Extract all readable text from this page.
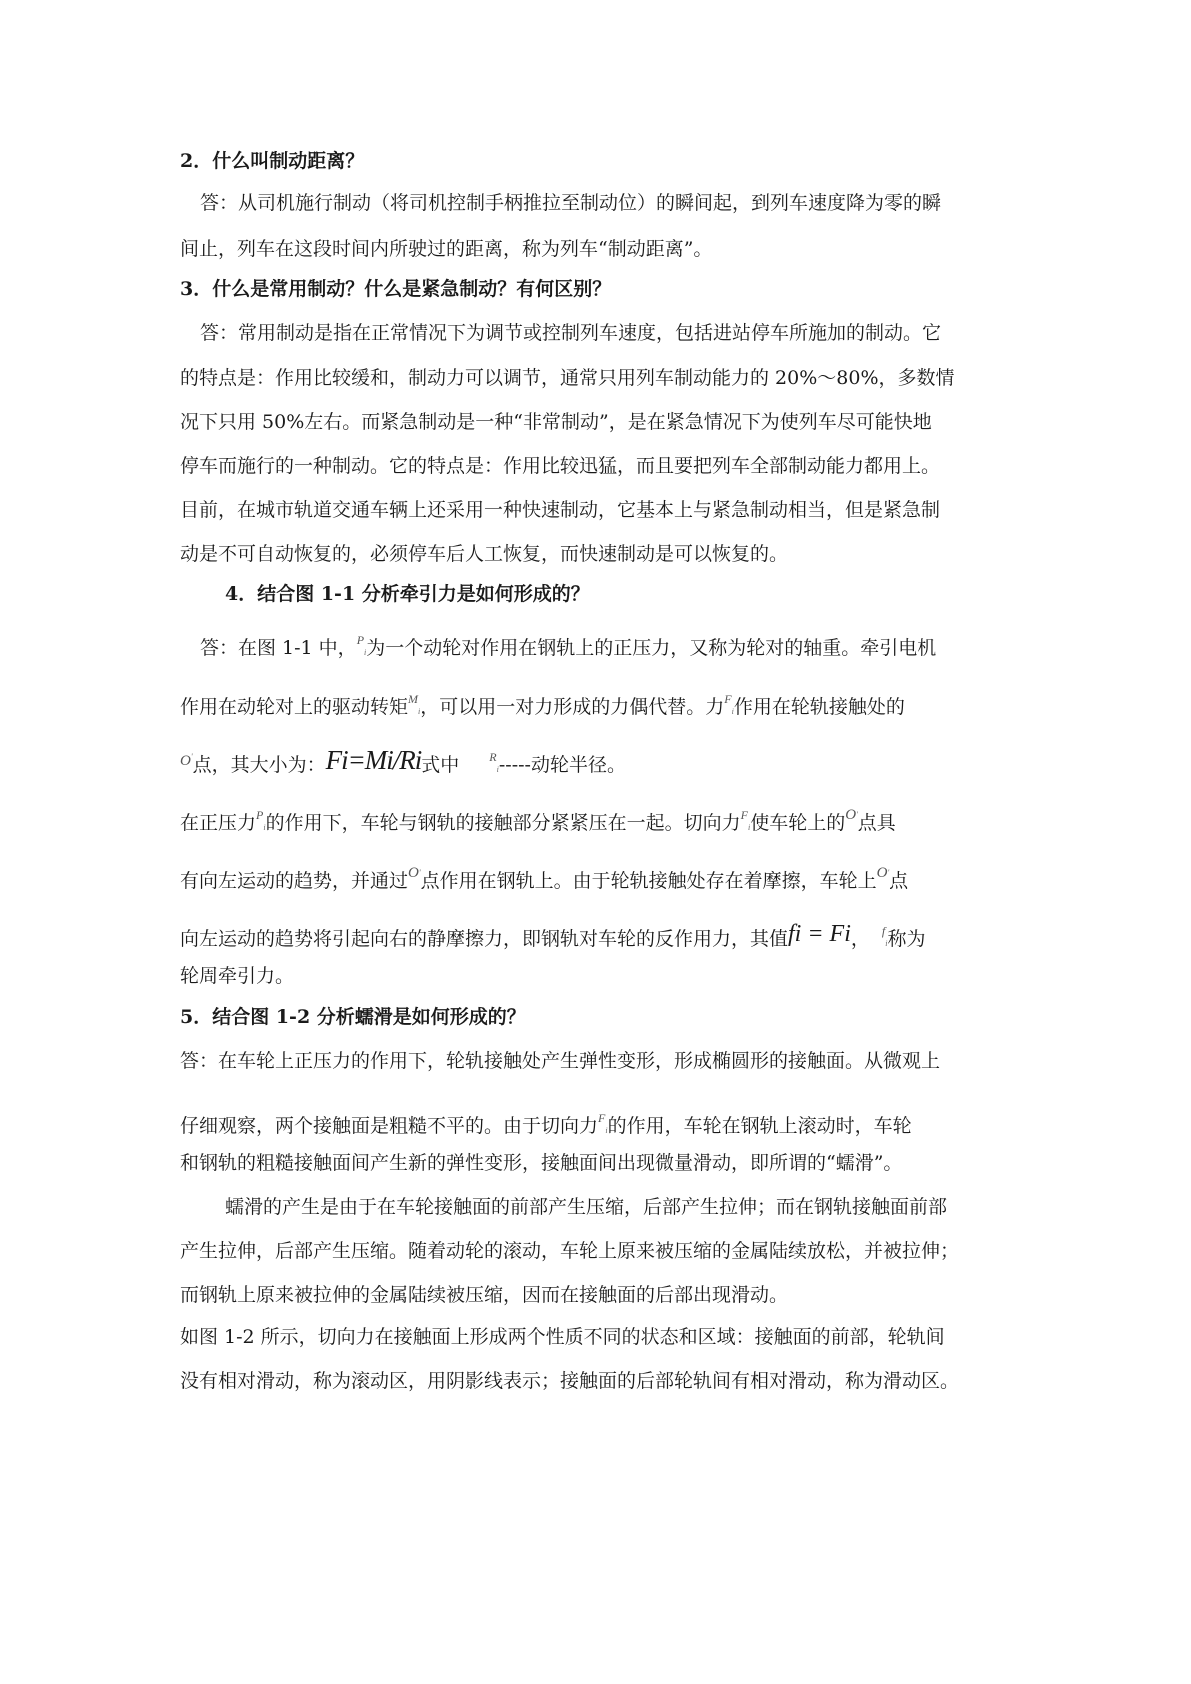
2．什么叫制动距离？
答：从司机施行制动（将司机控制手柄推拉至制动位）的瞬间起，到列车速度降为零的瞬
间止，列车在这段时间内所驶过的距离，称为列车“制动距离”。
3．什么是常用制动？什么是紧急制动？有何区别？
答：常用制动是指在正常情况下为调节或控制列车速度，包括进站停车所施加的制动。它
的特点是：作用比较缓和，制动力可以调节，通常只用列车制动能力的 20%～80%，多数情
况下只用 50%左右。而紧急制动是一种“非常制动”，是在紧急情况下为使列车尽可能快地
停车而施行的一种制动。它的特点是：作用比较迅猛，而且要把列车全部制动能力都用上。
目前，在城市轨道交通车辆上还采用一种快速制动，它基本上与紧急制动相当，但是紧急制
动是不可自动恢复的，必须停车后人工恢复，而快速制动是可以恢复的。
4．结合图 1-1 分析牵引力是如何形成的？
答：在图 1-1 中，$^P$i为一个动轮对作用在钢轨上的正压力，又称为轮对的轴重。牵引电机
作用在动轮对上的驱动转矩$^M$i，可以用一对力形成的力偶代替。力$^F$i作用在轮轨接触处的
$^{O'}$点，其大小为：Fi=Mi/Ri式中	$^R$i-----动轮半径。
在正压力$^P$i的作用下，车轮与钢轨的接触部分紧紧压在一起。切向力$^F$i使车轮上的$^{O'}$点具
有向左运动的趋势，并通过$^{O'}$点作用在钢轨上。由于轮轨接触处存在着摩擦，车轮上$^{O'}$点
向左运动的趋势将引起向右的静摩擦力，即钢轨对车轮的反作用力，其值fi = Fi， $^f$i称为
轮周牵引力。
5．结合图 1-2 分析蠕滑是如何形成的？
答：在车轮上正压力的作用下，轮轨接触处产生弹性变形，形成椭圆形的接触面。从微观上
仔细观察，两个接触面是粗糙不平的。由于切向力$^F$i的作用，车轮在钢轨上滚动时，车轮
和钢轨的粗糙接触面间产生新的弹性变形，接触面间出现微量滑动，即所谓的“蠕滑”。
蠕滑的产生是由于在车轮接触面的前部产生压缩，后部产生拉伸；而在钢轨接触面前部
产生拉伸，后部产生压缩。随着动轮的滚动，车轮上原来被压缩的金属陆续放松，并被拉伸；
而钢轨上原来被拉伸的金属陆续被压缩，因而在接触面的后部出现滑动。
如图 1-2 所示，切向力在接触面上形成两个性质不同的状态和区域：接触面的前部，轮轨间
没有相对滑动，称为滚动区，用阴影线表示；接触面的后部轮轨间有相对滑动，称为滑动区。
